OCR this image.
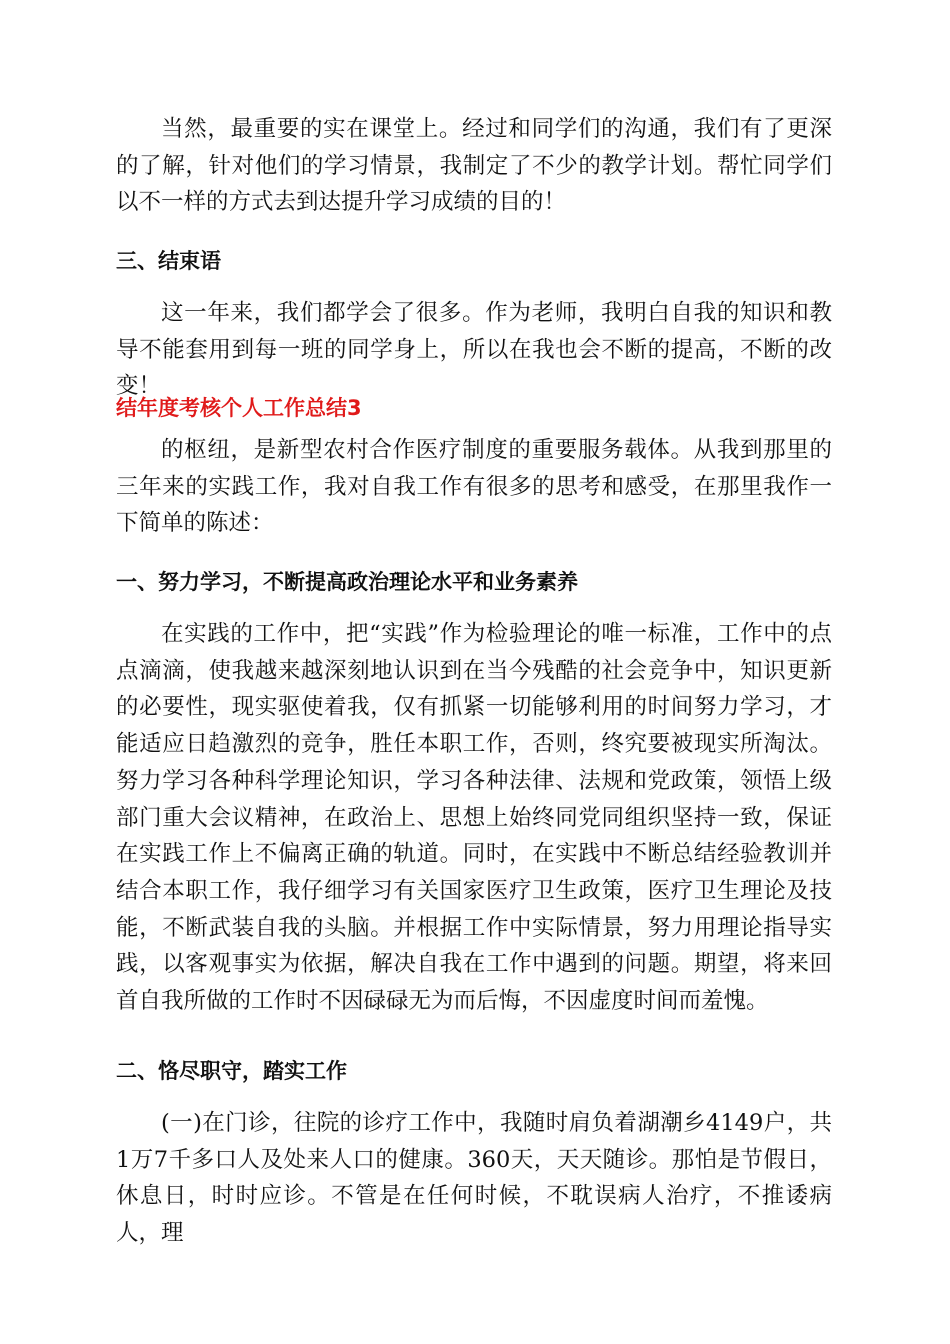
当然，最重要的实在课堂上。经过和同学们的沟通，我们有了更深的了解，针对他们的学习情景，我制定了不少的教学计划。帮忙同学们以不一样的方式去到达提升学习成绩的目的！

三、结束语

这一年来，我们都学会了很多。作为老师，我明白自我的知识和教导不能套用到每一班的同学身上，所以在我也会不断的提高，不断的改变！

结年度考核个人工作总结3

的枢纽，是新型农村合作医疗制度的重要服务载体。从我到那里的三年来的实践工作，我对自我工作有很多的思考和感受，在那里我作一下简单的陈述：

一、努力学习，不断提高政治理论水平和业务素养

在实践的工作中，把“实践”作为检验理论的唯一标准，工作中的点点滴滴，使我越来越深刻地认识到在当今残酷的社会竞争中，知识更新的必要性，现实驱使着我，仅有抓紧一切能够利用的时间努力学习，才能适应日趋激烈的竞争，胜任本职工作，否则，终究要被现实所淘汰。努力学习各种科学理论知识，学习各种法律、法规和党政策，领悟上级部门重大会议精神，在政治上、思想上始终同党同组织坚持一致，保证在实践工作上不偏离正确的轨道。同时，在实践中不断总结经验教训并结合本职工作，我仔细学习有关国家医疗卫生政策，医疗卫生理论及技能，不断武装自我的头脑。并根据工作中实际情景，努力用理论指导实践，以客观事实为依据，解决自我在工作中遇到的问题。期望，将来回首自我所做的工作时不因碌碌无为而后悔，不因虚度时间而羞愧。

二、恪尽职守，踏实工作

(一)在门诊，往院的诊疗工作中，我随时肩负着湖潮乡4149户，共1万7千多口人及处来人口的健康。360天，天天随诊。那怕是节假日，休息日，时时应诊。不管是在任何时候，不耽误病人治疗，不推诿病人，理
